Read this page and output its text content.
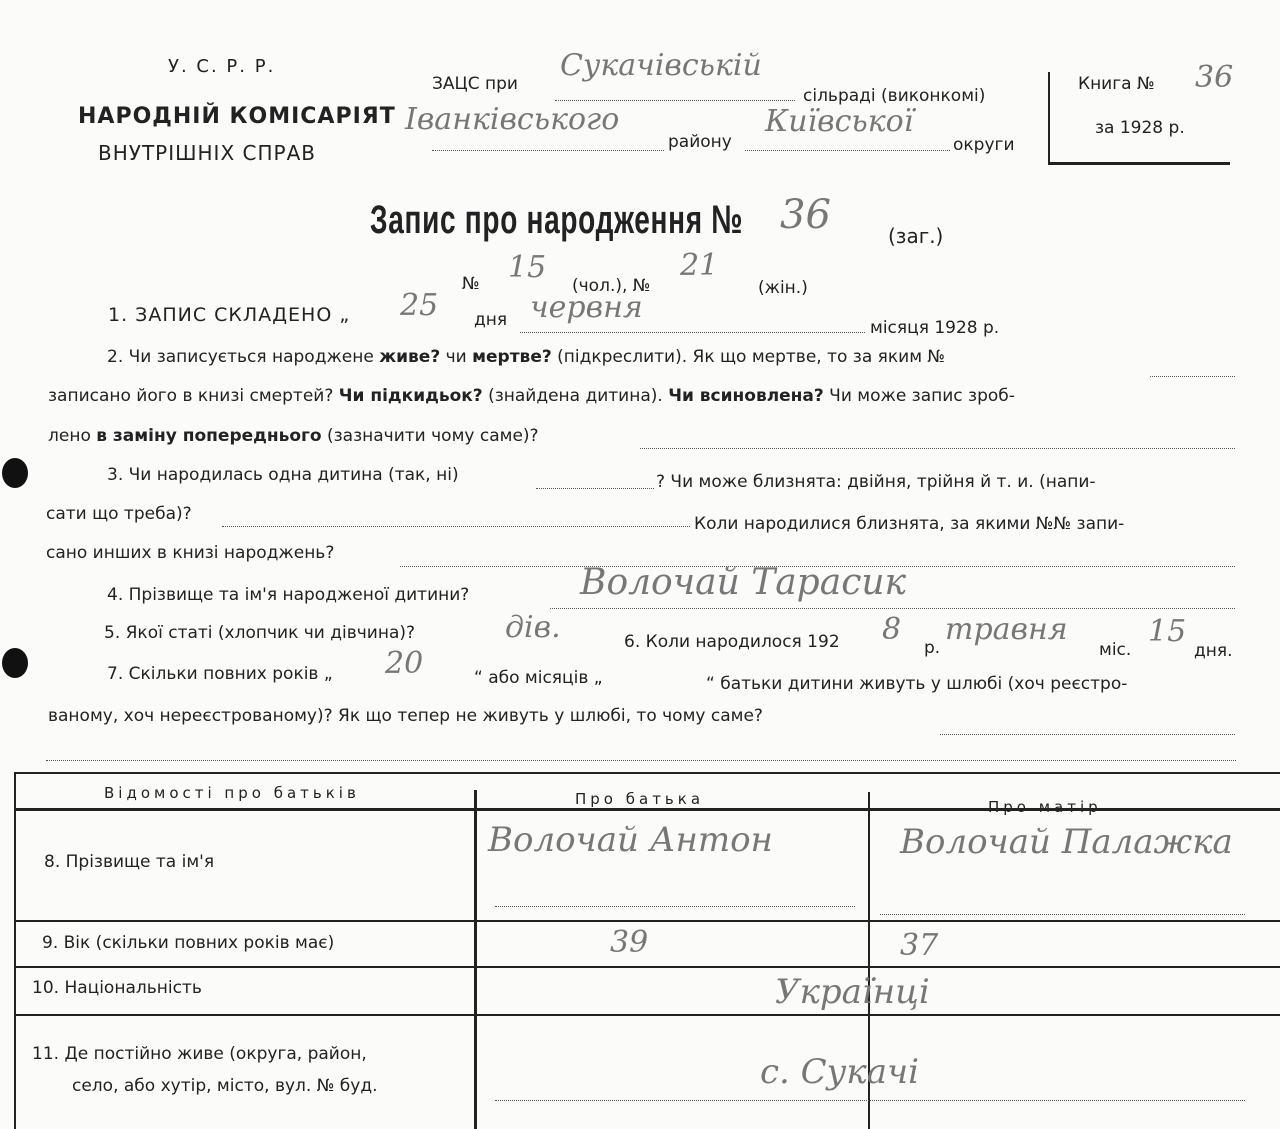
У. С. Р. Р.
НАРОДНІЙ КОМІСАРІЯТ
ВНУТРІШНІХ СПРАВ
ЗАЦС при
Сукачівській
сільраді (виконкомі)
Іванківського
району
Київської
округи
Книга № 36
за 1928 р.
Запис про народження № 36	(заг.)
№ 15
(чол.), №
21
(жін.)
1. ЗАПИС СКЛАДЕНО „ 25 дня червня
місяця 1928 р.
2. Чи записується народжене живе? чи мертве? (підкреслити). Як що мертве, то за яким №
записано його в книзі смертей? Чи підкидьок? (знайдена дитина). Чи всиновлена? Чи може запис зроб-
лено в заміну попереднього (зазначити чому саме)?
3. Чи народилась одна дитина (так, ні)	? Чи може близнята: двійня, трійня й т. и. (напи-
сати що треба)?	Коли народилися близнята, за якими №№ запи-
сано инших в книзі народжень?
4. Прізвище та ім'я народженої дитини?	Волочай Тарасик
5. Якої статі (хлопчик чи дівчина)?	дів.	6. Коли народилося 192 8
р.
травня
міс.
15
дня.
7. Скільки повних років „ 20	“ або місяців „	“ батьки дитини живуть у шлюбі (хоч реєстро-
ваному, хоч нереєстрованому)? Як що тепер не живуть у шлюбі, то чому саме?
Відомості про батьків	Про батька	Про матір
8. Прізвище та ім'я
Волочай Антон	Волочай Палажка
9. Вік (скільки повних років має)	39	37
10. Національність	Українці
11. Де постійно живе (округа, район,
село, або хутір, місто, вул. № буд.	с. Сукачі
